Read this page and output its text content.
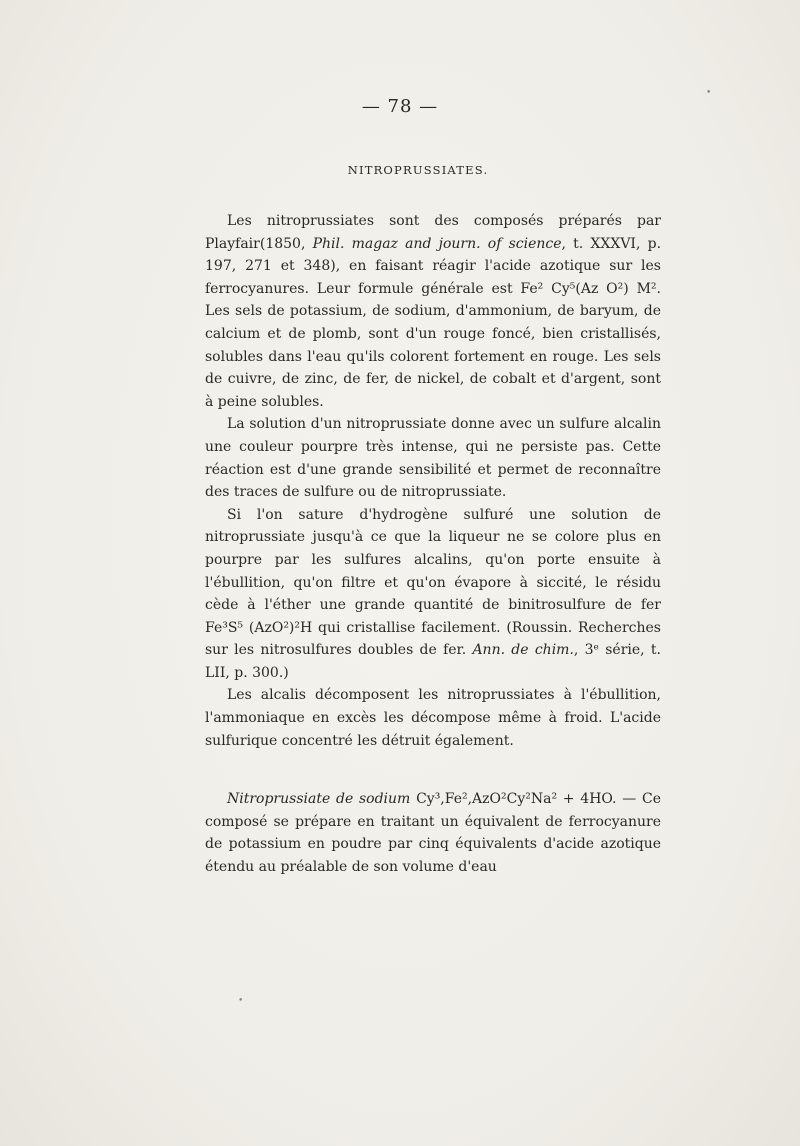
— 78 —
NITROPRUSSIATES.

Les nitroprussiates sont des composés préparés par Playfair(1850, Phil. magaz and journ. of science, t. XXXVI, p. 197, 271 et 348), en faisant réagir l'acide azotique sur les ferrocyanures. Leur formule générale est Fe² Cy⁵(Az O²) M². Les sels de potassium, de sodium, d'ammonium, de baryum, de calcium et de plomb, sont d'un rouge foncé, bien cristallisés, solubles dans l'eau qu'ils colorent fortement en rouge. Les sels de cuivre, de zinc, de fer, de nickel, de cobalt et d'argent, sont à peine solubles.

La solution d'un nitroprussiate donne avec un sulfure alcalin une couleur pourpre très intense, qui ne persiste pas. Cette réaction est d'une grande sensibilité et permet de reconnaître des traces de sulfure ou de nitroprussiate.

Si l'on sature d'hydrogène sulfuré une solution de nitroprussiate jusqu'à ce que la liqueur ne se colore plus en pourpre par les sulfures alcalins, qu'on porte ensuite à l'ébullition, qu'on filtre et qu'on évapore à siccité, le résidu cède à l'éther une grande quantité de binitrosulfure de fer Fe³S⁵ (AzO²)²H qui cristallise facilement. (Roussin. Recherches sur les nitrosulfures doubles de fer. Ann. de chim., 3ᵉ série, t. LII, p. 300.)

Les alcalis décomposent les nitroprussiates à l'ébullition, l'ammoniaque en excès les décompose même à froid. L'acide sulfurique concentré les détruit également.

Nitroprussiate de sodium Cy³,Fe²,AzO²Cy²Na² + 4HO. — Ce composé se prépare en traitant un équivalent de ferrocyanure de potassium en poudre par cinq équivalents d'acide azotique étendu au préalable de son volume d'eau

•
•
